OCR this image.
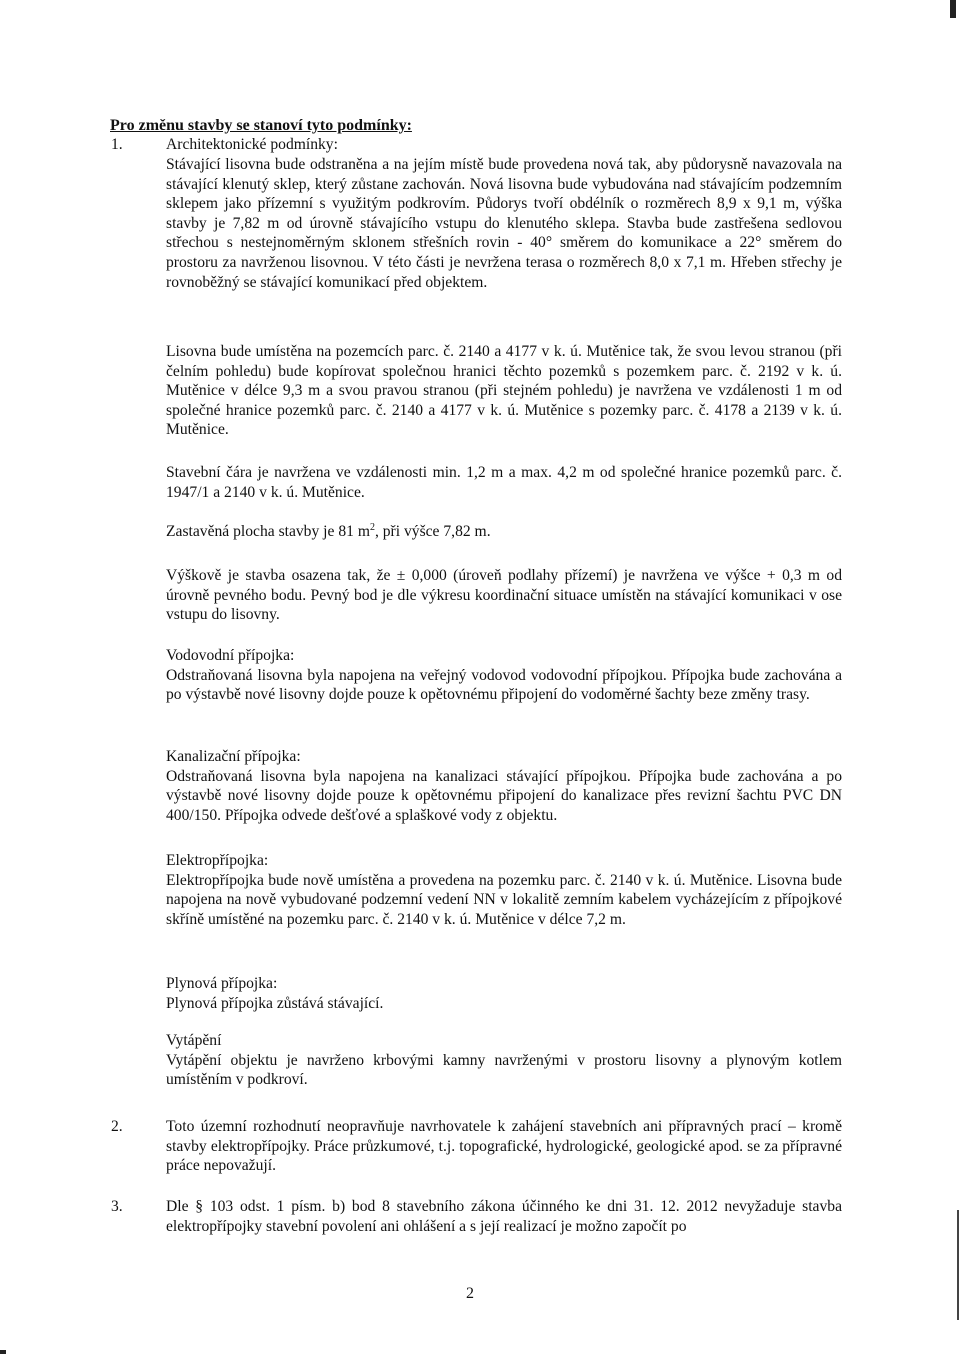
Pro změnu stavby se stanoví tyto podmínky:
1.	Architektonické podmínky:

Stávající lisovna bude odstraněna a na jejím místě bude provedena nová tak, aby půdorysně navazovala na stávající klenutý sklep, který zůstane zachován. Nová lisovna bude vybudována nad stávajícím podzemním sklepem jako přízemní s využitým podkrovím. Půdorys tvoří obdélník o rozměrech 8,9 x 9,1 m, výška stavby je 7,82 m od úrovně stávajícího vstupu do klenutého sklepa. Stavba bude zastřešena sedlovou střechou s nestejnoměrným sklonem střešních rovin - 40° směrem do komunikace a 22° směrem do prostoru za navrženou lisovnou. V této části je nevržena terasa o rozměrech 8,0 x 7,1 m. Hřeben střechy je rovnoběžný se stávající komunikací před objektem.

Lisovna bude umístěna na pozemcích parc. č. 2140 a 4177 v k. ú. Mutěnice tak, že svou levou stranou (při čelním pohledu) bude kopírovat společnou hranici těchto pozemků s pozemkem parc. č. 2192 v k. ú. Mutěnice v délce 9,3 m a svou pravou stranou (při stejném pohledu) je navržena ve vzdálenosti 1 m od společné hranice pozemků parc. č. 2140 a 4177 v k. ú. Mutěnice s pozemky parc. č. 4178 a 2139 v k. ú. Mutěnice.

Stavební čára je navržena ve vzdálenosti min. 1,2 m a max. 4,2 m od společné hranice pozemků parc. č. 1947/1 a 2140 v k. ú. Mutěnice.

Zastavěná plocha stavby je 81 $m^2$, při výšce 7,82 m.

Výškově je stavba osazena tak, že ± 0,000 (úroveň podlahy přízemí) je navržena ve výšce + 0,3 m od úrovně pevného bodu. Pevný bod je dle výkresu koordinační situace umístěn na stávající komunikaci v ose vstupu do lisovny.

Vodovodní přípojka:

Odstraňovaná lisovna byla napojena na veřejný vodovod vodovodní přípojkou. Přípojka bude zachována a po výstavbě nové lisovny dojde pouze k opětovnému připojení do vodoměrné šachty beze změny trasy.

Kanalizační přípojka:

Odstraňovaná lisovna byla napojena na kanalizaci stávající přípojkou. Přípojka bude zachována a po výstavbě nové lisovny dojde pouze k opětovnému připojení do kanalizace přes revizní šachtu PVC DN 400/150. Přípojka odvede dešťové a splaškové vody z objektu.

Elektropřípojka:

Elektropřípojka bude nově umístěna a provedena na pozemku parc. č. 2140 v k. ú. Mutěnice. Lisovna bude napojena na nově vybudované podzemní vedení NN v lokalitě zemním kabelem vycházejícím z přípojkové skříně umístěné na pozemku parc. č. 2140 v k. ú. Mutěnice v délce 7,2 m.

Plynová přípojka:

Plynová přípojka zůstává stávající.

Vytápění

Vytápění objektu je navrženo krbovými kamny navrženými v prostoru lisovny a plynovým kotlem umístěním v podkroví.

2.	Toto územní rozhodnutí neopravňuje navrhovatele k zahájení stavebních ani přípravných prací – kromě stavby elektropřípojky. Práce průzkumové, t.j. topografické, hydrologické, geologické apod. se za přípravné práce nepovažují.

3.	Dle § 103 odst. 1 písm. b) bod 8 stavebního zákona účinného ke dni 31. 12. 2012 nevyžaduje stavba elektropřípojky stavební povolení ani ohlášení a s její realizací je možno započít po

2
